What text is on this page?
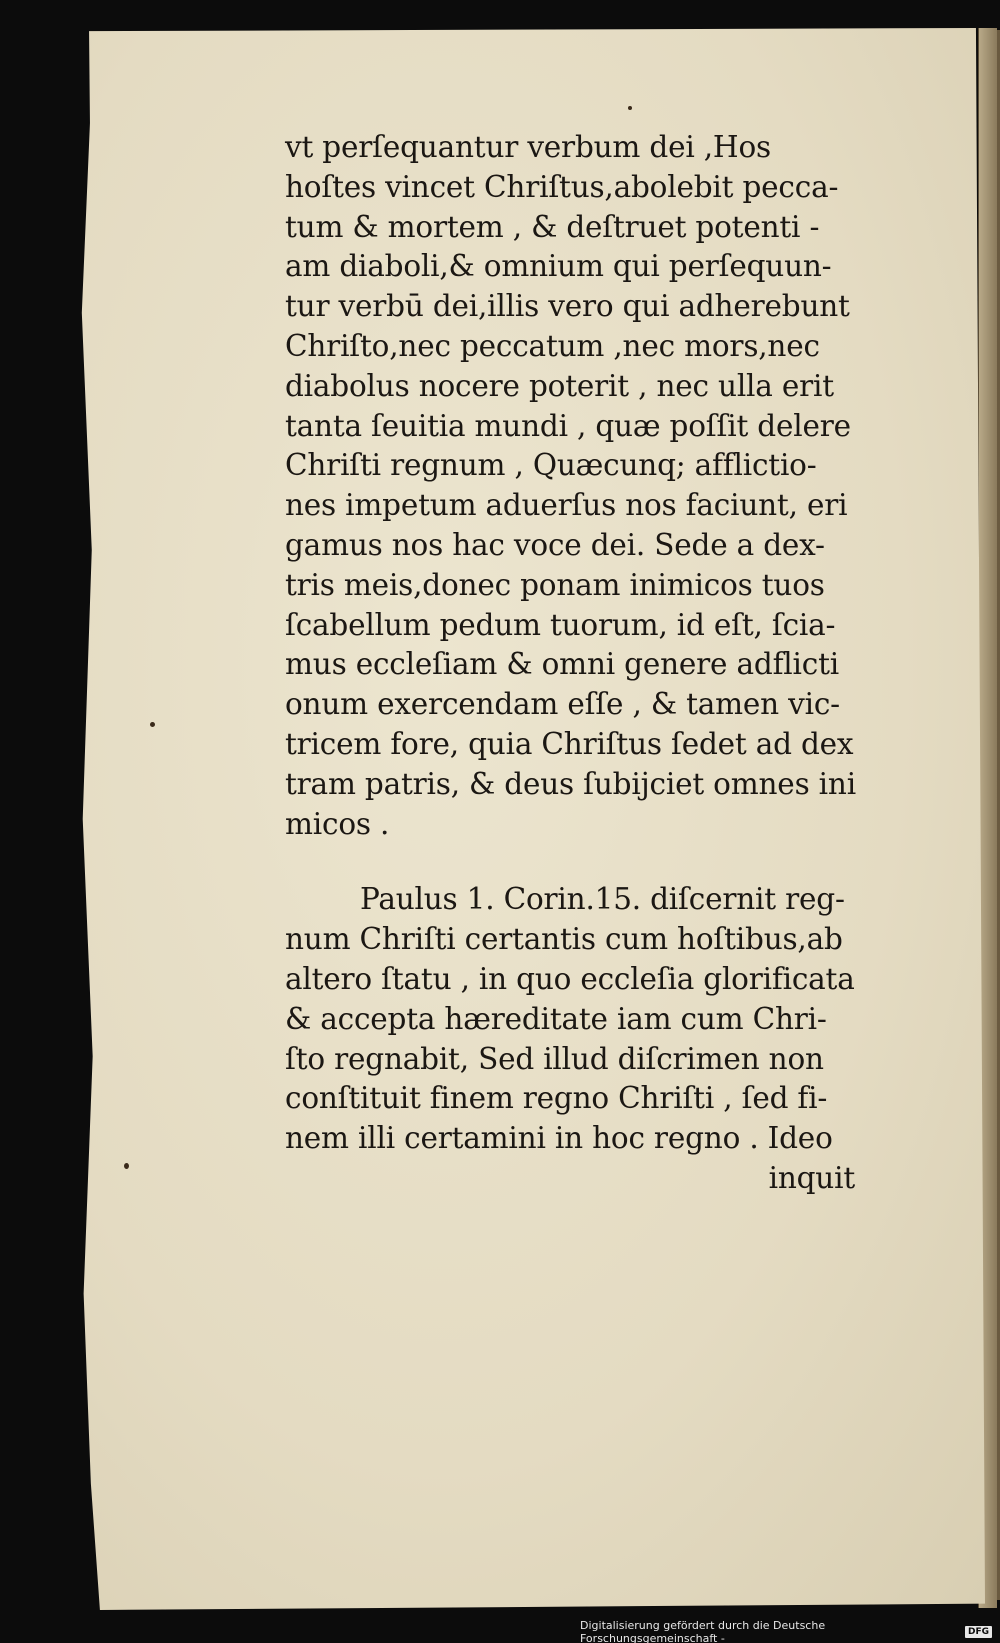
vt perſequantur verbum dei ,Hos
hoſtes vincet Chriſtus,abolebit pecca-
tum & mortem , & deſtruet potenti -
am diaboli,& omnium qui perſequun-
tur verbū dei,illis vero qui adherebunt
Chriſto,nec peccatum ,nec mors,nec
diabolus nocere poterit , nec ulla erit
tanta ſeuitia mundi , quæ poſſit delere
Chriſti regnum , Quæcunq; afflictio-
nes impetum aduerſus nos faciunt, eri
gamus nos hac voce dei. Sede a dex-
tris meis,donec ponam inimicos tuos
ſcabellum pedum tuorum, id eſt, ſcia-
mus eccleſiam & omni genere adflicti
onum exercendam eſſe , & tamen vic-
tricem fore, quia Chriſtus ſedet ad dex
tram patris, & deus ſubijciet omnes ini
micos .
Paulus 1. Corin.15. diſcernit reg-
num Chriſti certantis cum hoſtibus,ab
altero ſtatu , in quo eccleſia glorificata
& accepta hæreditate iam cum Chri-
ſto regnabit, Sed illud diſcrimen non
conſtituit finem regno Chriſti , ſed fi-
nem illi certamini in hoc regno . Ideo
inquit
Digitalisierung gefördert durch die Deutsche Forschungsgemeinschaft -	DFG
